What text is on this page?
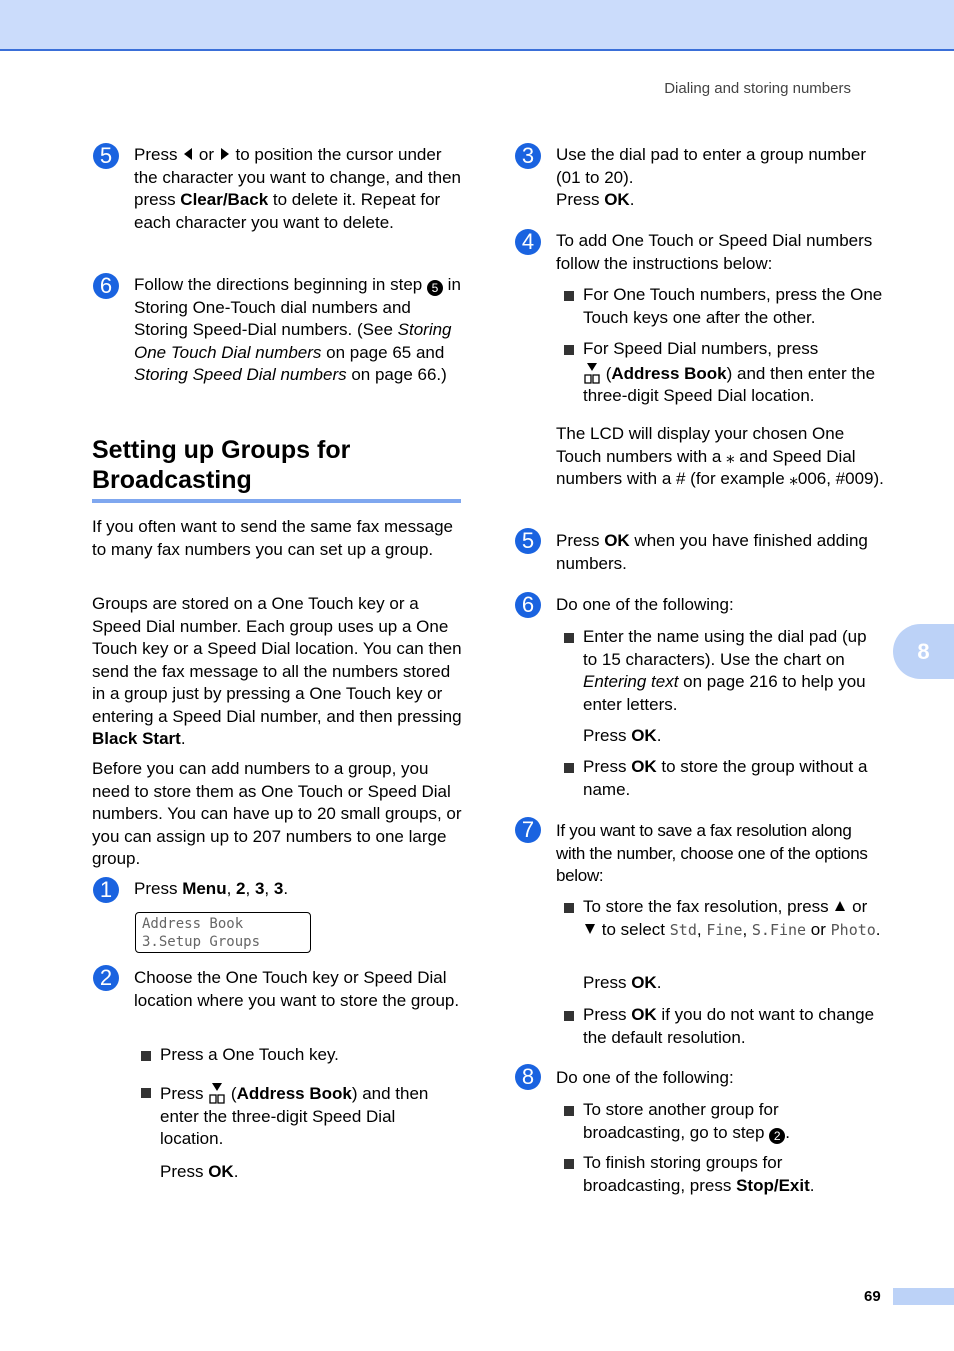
Dialing and storing numbers
5	Press  or  to position the cursor under the character you want to change, and then press Clear/Back to delete it. Repeat for each character you want to delete.
6	Follow the directions beginning in step 5 in Storing One-Touch dial numbers and Storing Speed-Dial numbers. (See Storing One Touch Dial numbers on page 65 and Storing Speed Dial numbers on page 66.)
Setting up Groups for
Broadcasting

If you often want to send the same fax message to many fax numbers you can set up a group.

Groups are stored on a One Touch key or a Speed Dial number. Each group uses up a One Touch key or a Speed Dial location. You can then send the fax message to all the numbers stored in a group just by pressing a One Touch key or entering a Speed Dial number, and then pressing Black Start.

Before you can add numbers to a group, you need to store them as One Touch or Speed Dial numbers. You can have up to 20 small groups, or you can assign up to 207 numbers to one large group.

1	Press Menu, 2, 3, 3.
Address Book
3.Setup Groups
2	Choose the One Touch key or Speed Dial location where you want to store the group.
Press a One Touch key.
Press  (Address Book) and then enter the three-digit Speed Dial location.
Press OK.
3	Use the dial pad to enter a group number (01 to 20).
Press OK.
4	To add One Touch or Speed Dial numbers follow the instructions below:
For One Touch numbers, press the One Touch keys one after the other.
For Speed Dial numbers, press
(Address Book) and then enter the three-digit Speed Dial location.

The LCD will display your chosen One Touch numbers with a ⁎ and Speed Dial numbers with a # (for example ⁎006, #009).

5	Press OK when you have finished adding numbers.
6	Do one of the following:
Enter the name using the dial pad (up to 15 characters). Use the chart on Entering text on page 216 to help you enter letters.
Press OK.
Press OK to store the group without a name.
7	If you want to save a fax resolution along with the number, choose one of the options below:
To store the fax resolution, press  or
to select Std, Fine, S.Fine or Photo.
Press OK.
Press OK if you do not want to change the default resolution.
8	Do one of the following:
To store another group for broadcasting, go to step 2 .
To finish storing groups for broadcasting, press Stop/Exit.
8
69
